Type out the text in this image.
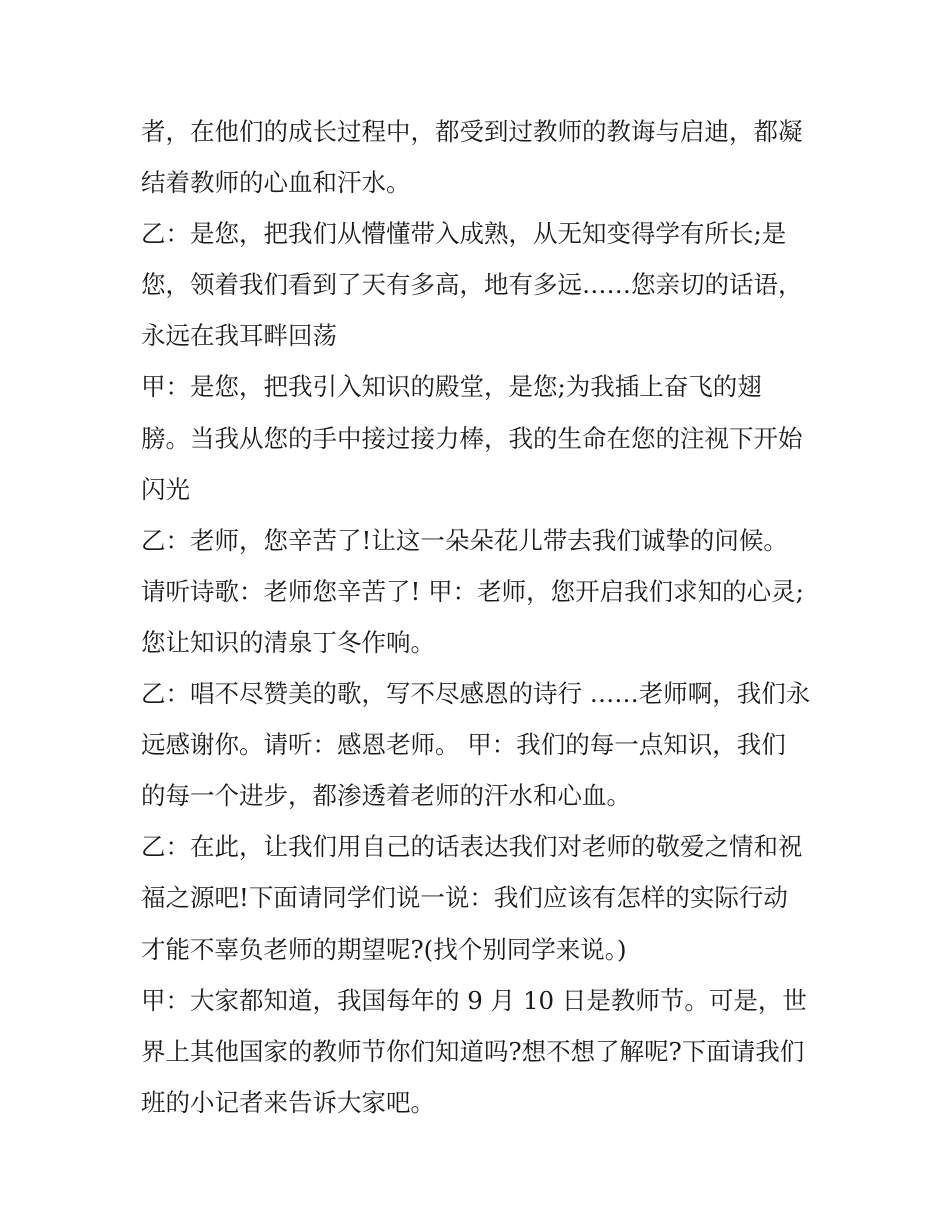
者，在他们的成长过程中，都受到过教师的教诲与启迪，都凝
结着教师的心血和汗水。
乙：是您，把我们从懵懂带入成熟，从无知变得学有所长;是
您，领着我们看到了天有多高，地有多远……您亲切的话语，
永远在我耳畔回荡
甲：是您，把我引入知识的殿堂，是您;为我插上奋飞的翅
膀。当我从您的手中接过接力棒，我的生命在您的注视下开始
闪光
乙：老师，您辛苦了!让这一朵朵花儿带去我们诚挚的问候。
请听诗歌：老师您辛苦了! 甲：老师，您开启我们求知的心灵;
您让知识的清泉丁冬作响。
乙：唱不尽赞美的歌，写不尽感恩的诗行 ……老师啊，我们永
远感谢你。请听：感恩老师。 甲：我们的每一点知识，我们
的每一个进步，都渗透着老师的汗水和心血。
乙：在此，让我们用自己的话表达我们对老师的敬爱之情和祝
福之源吧!下面请同学们说一说：我们应该有怎样的实际行动
才能不辜负老师的期望呢?(找个别同学来说。)
甲：大家都知道，我国每年的 9 月 10 日是教师节。可是，世
界上其他国家的教师节你们知道吗?想不想了解呢?下面请我们
班的小记者来告诉大家吧。
